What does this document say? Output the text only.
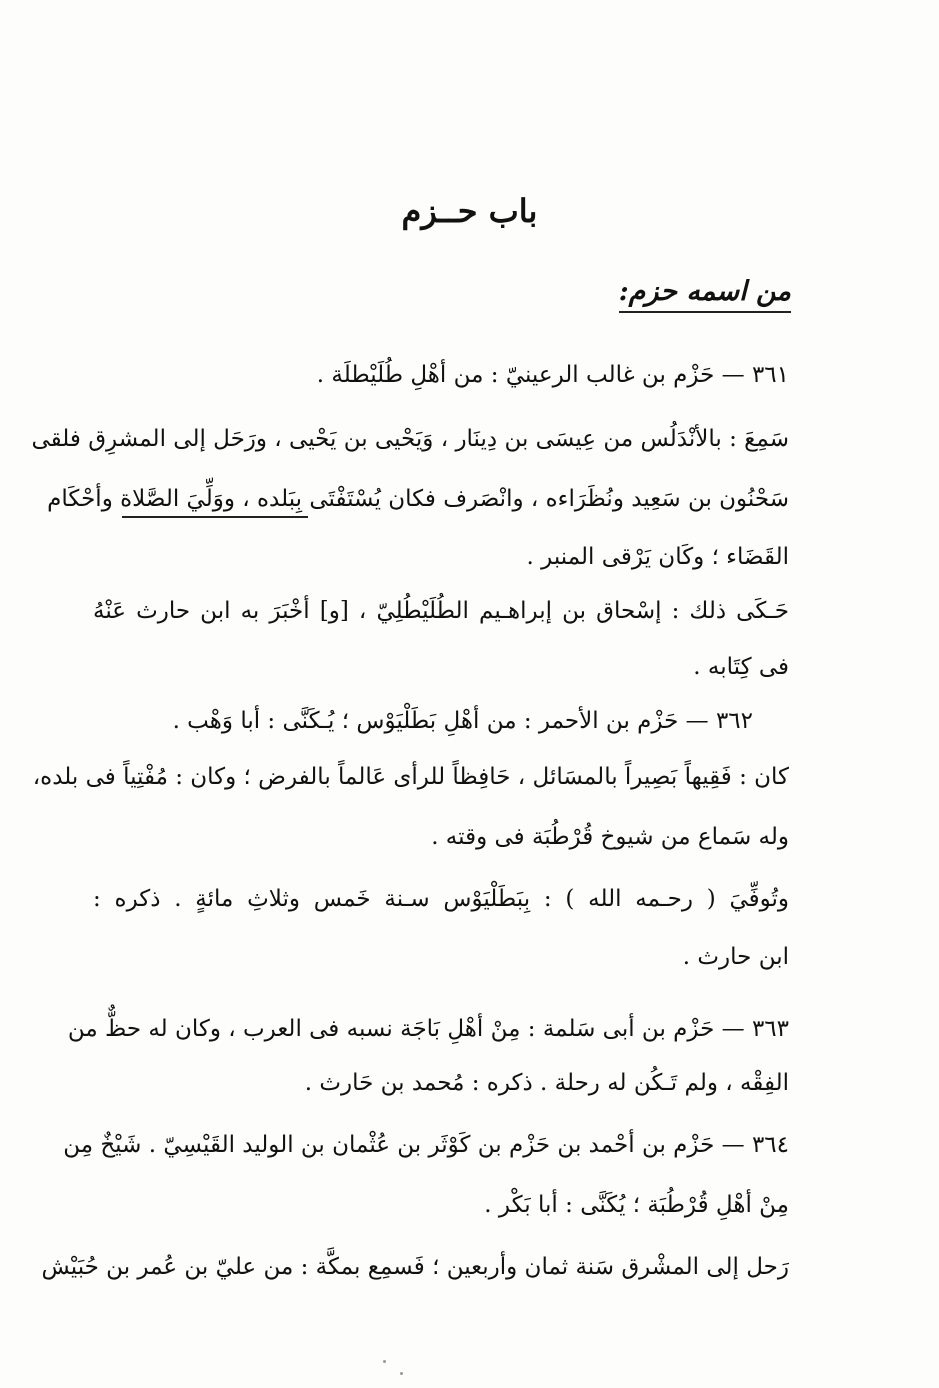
باب حــزم
من اسمه حزم:
٣٦١ — حَزْم بن غالب الرعينيّ : من أهْلِ طُلَيْطلَة .
سَمِعَ : بالأنْدَلُس من عِيسَى بن دِينَار ، وَيَحْيى بن يَحْيى ، ورَحَل إلى المشرِق فلقى
سَحْنُون بن سَعِيد ونُظَرَاءه ، وانْصَرف فكان يُسْتَفْتَى بِبَلده ، ووَلِّيَ الصَّلاة وأحْكَام
القَضَاء ؛ وكَان يَرْقى المنبر .
حَـكَى ذلك : إسْحاق بن إبراهـيم الطُلَيْطُلِيّ ، [و] أخْبَرَ به ابن حارث عَنْهُ
فى كِتَابه .
٣٦٢ — حَزْم بن الأحمر : من أهْلِ بَطَلْيَوْس ؛ يُـكَنَّى : أبا وَهْب .
كان : فَقِيهاً بَصِيراً بالمسَائل ، حَافِظاً للرأى عَالماً بالفرض ؛ وكان : مُفْتِياً فى بلده،
وله سَماع من شيوخ قُرْطُبَة فى وقته .
وتُوفِّيَ ( رحـمه الله ) : بِبَطَلْيَوْس سـنة خَمس وثلاثِ مائةٍ . ذكره :
ابن حارث .
٣٦٣ — حَزْم بن أبى سَلمة : مِنْ أهْلِ بَاجَة نسبه فى العرب ، وكان له حظٌّ من
الفِقْه ، ولم تَـكُن له رحلة . ذكره : مُحمد بن حَارث .
٣٦٤ — حَزْم بن أحْمد بن حَزْم بن كَوْثَر بن عُثْمان بن الوليد القَيْسِيّ . شَيْخٌ مِن
مِنْ أهْلِ قُرْطُبَة ؛ يُكَنَّى : أبا بَكْر .
رَحل إلى المشْرق سَنة ثمان وأربعين ؛ فَسمِع بمكَّة : من عليّ بن عُمر بن حُبَيْش
